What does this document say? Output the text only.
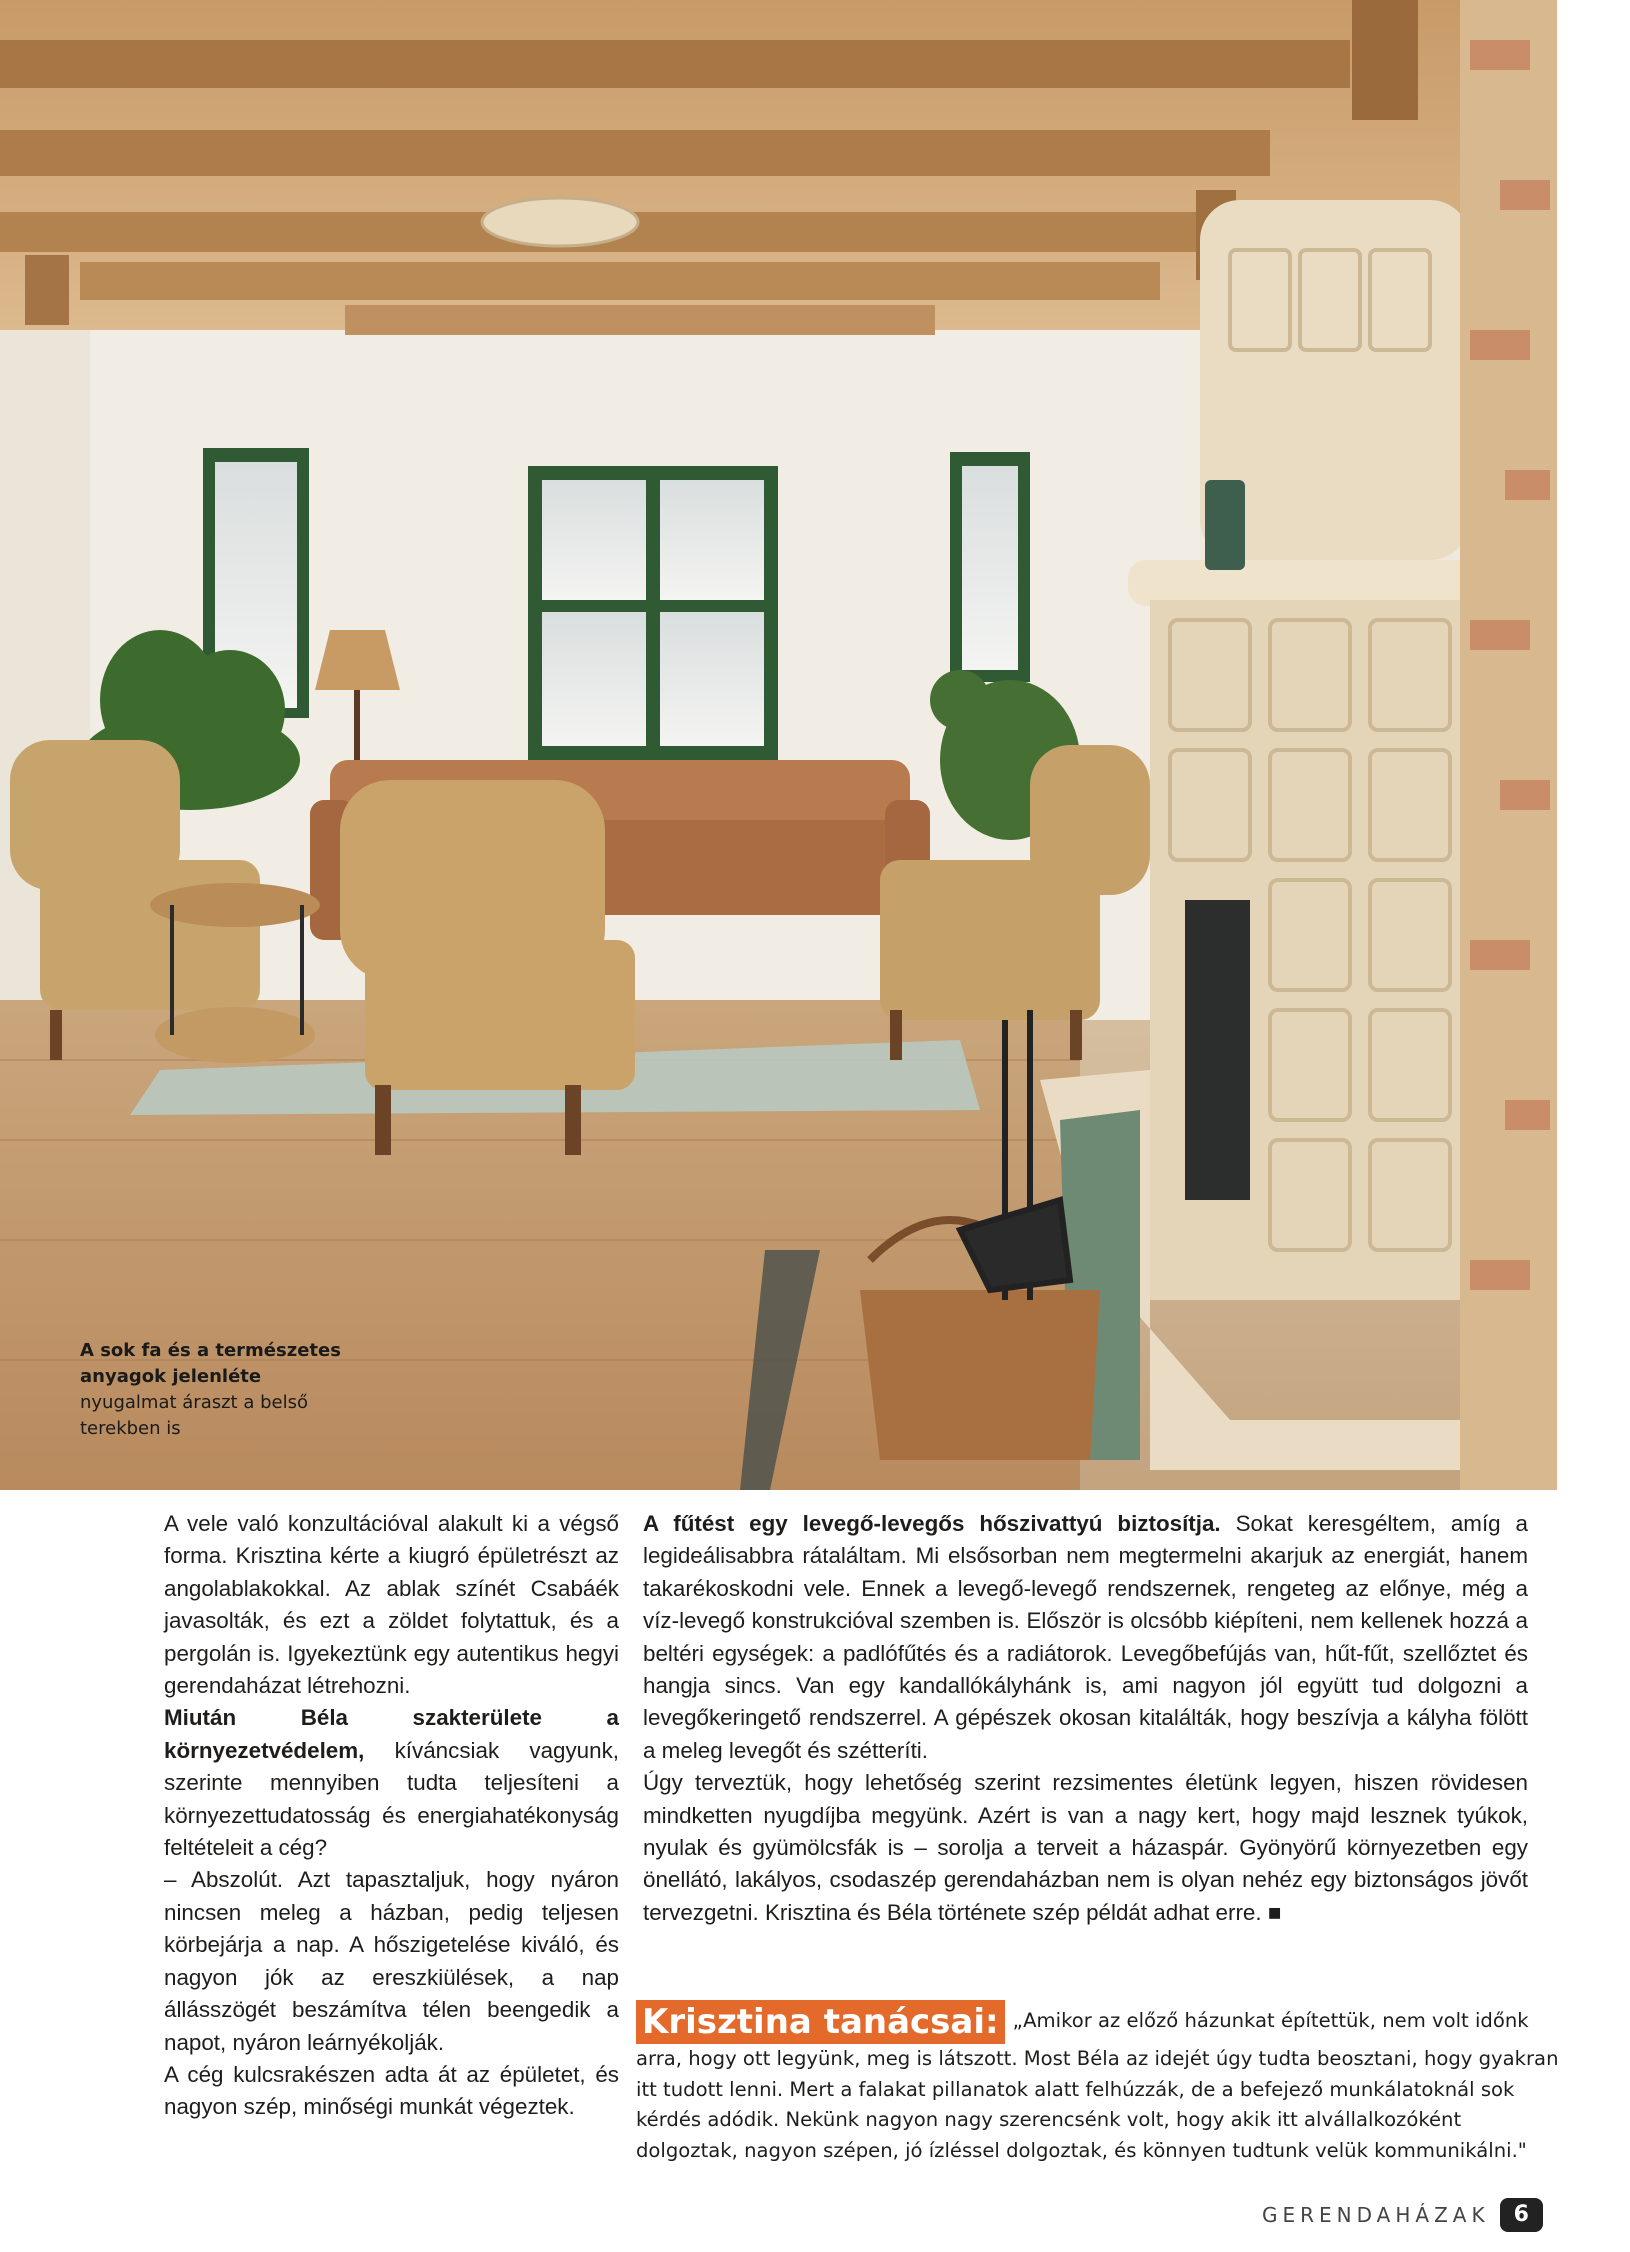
A sok fa és a természetes anyagok jelenléte
nyugalmat áraszt a belső terekben is

A vele való konzultációval alakult ki a végső forma. Krisztina kérte a kiugró épületrészt az angolablakokkal. Az ablak színét Csabáék javasolták, és ezt a zöldet folytattuk, és a pergolán is. Igyekeztünk egy autentikus hegyi gerendaházat létrehozni.

Miután Béla szakterülete a környezetvédelem, kíváncsiak vagyunk, szerinte mennyiben tudta teljesíteni a környezettudatosság és energiahatékonyság feltételeit a cég?

– Abszolút. Azt tapasztaljuk, hogy nyáron nincsen meleg a házban, pedig teljesen körbejárja a nap. A hőszigetelése kiváló, és nagyon jók az ereszkiülések, a nap állásszögét beszámítva télen beengedik a napot, nyáron leárnyékolják.

A cég kulcsrakészen adta át az épületet, és nagyon szép, minőségi munkát végeztek.

A fűtést egy levegő-levegős hőszivattyú biztosítja. Sokat keresgéltem, amíg a legideálisabbra rátaláltam. Mi elsősorban nem megtermelni akarjuk az energiát, hanem takarékoskodni vele. Ennek a levegő-levegő rendszernek, rengeteg az előnye, még a víz-levegő konstrukcióval szemben is. Először is olcsóbb kiépíteni, nem kellenek hozzá a beltéri egységek: a padlófűtés és a radiátorok. Levegőbefújás van, hűt-fűt, szellőztet és hangja sincs. Van egy kandallókályhánk is, ami nagyon jól együtt tud dolgozni a levegőkeringető rendszerrel. A gépészek okosan kitalálták, hogy beszívja a kályha fölött a meleg levegőt és szétteríti.

Úgy terveztük, hogy lehetőség szerint rezsimentes életünk legyen, hiszen rövidesen mindketten nyugdíjba megyünk. Azért is van a nagy kert, hogy majd lesznek tyúkok, nyulak és gyümölcsfák is – sorolja a terveit a házaspár. Gyönyörű környezetben egy önellátó, lakályos, csodaszép gerendaházban nem is olyan nehéz egy biztonságos jövőt tervezgetni. Krisztina és Béla története szép példát adhat erre. ■

Krisztina tanácsai: „Amikor az előző házunkat építettük, nem volt időnk arra, hogy ott legyünk, meg is látszott. Most Béla az idejét úgy tudta beosztani, hogy gyakran itt tudott lenni. Mert a falakat pillanatok alatt felhúzzák, de a befejező munkálatoknál sok kérdés adódik. Nekünk nagyon nagy szerencsénk volt, hogy akik itt alvállalkozóként dolgoztak, nagyon szépen, jó ízléssel dolgoztak, és könnyen tudtunk velük kommunikálni."
GERENDAHÁZAK	6
